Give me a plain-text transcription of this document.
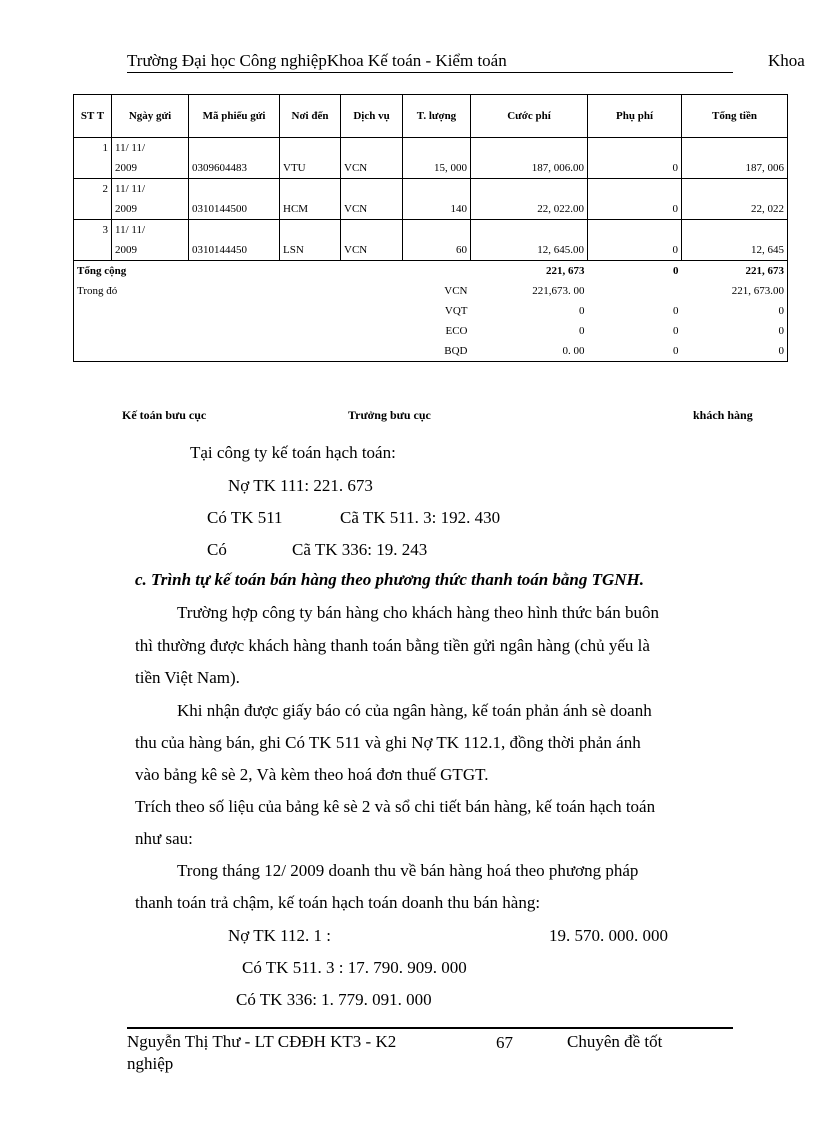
Trường Đại học Công nghiệpKhoa Kế toán - Kiểm toán	Khoa
ST T	Ngày gửi	Mã phiếu gửi	Nơi đến	Dịch vụ	T. lượng	Cước phí	Phụ phí	Tổng tiền
1	11/ 11/							
	2009	0309604483	VTU	VCN	15, 000	187, 006.00	0	187, 006
2	11/ 11/							
	2009	0310144500	HCM	VCN	140	22, 022.00	0	22, 022
3	11/ 11/							
	2009	0310144450	LSN	VCN	60	12, 645.00	0	12, 645
Tổng cộng						221, 673	0	221, 673
Trong đó					VCN	221,673. 00		221, 673.00
					VQT	0	0	0
					ECO	0	0	0
					BQD	0. 00	0	0
Kế toán bưu cục	Trưởng bưu cục	khách hàng
Tại công ty kế toán hạch toán:
Nợ TK 111: 221. 673
Có TK 511	Cã TK 511. 3: 192. 430
Có	Cã TK 336: 19. 243
c. Trình tự kế toán bán hàng theo phương thức thanh toán bằng TGNH.
Trường hợp công ty bán hàng cho khách hàng theo hình thức bán buôn
thì thường được khách hàng thanh toán bằng tiền gửi ngân hàng (chủ yếu là
tiền Việt Nam).
Khi nhận được giấy báo có của ngân hàng, kế toán phản ánh sè doanh
thu của hàng bán, ghi Có TK 511 và ghi Nợ TK 112.1, đồng thời phản ánh
vào bảng kê sè 2, Và kèm theo hoá đơn thuế GTGT.
Trích theo số liệu của bảng kê sè 2 và sổ chi tiết bán hàng, kế toán hạch toán
như sau:
Trong tháng 12/ 2009 doanh thu về bán hàng hoá theo phương pháp
thanh toán trả chậm, kế toán hạch toán doanh thu bán hàng:
Nợ TK 112. 1 :	19. 570. 000. 000
Có TK 511. 3 : 17. 790. 909. 000
Có TK 336: 1. 779. 091. 000
Nguyễn Thị Thư - LT CĐĐH KT3 - K2
nghiệp
67	Chuyên đề tốt
